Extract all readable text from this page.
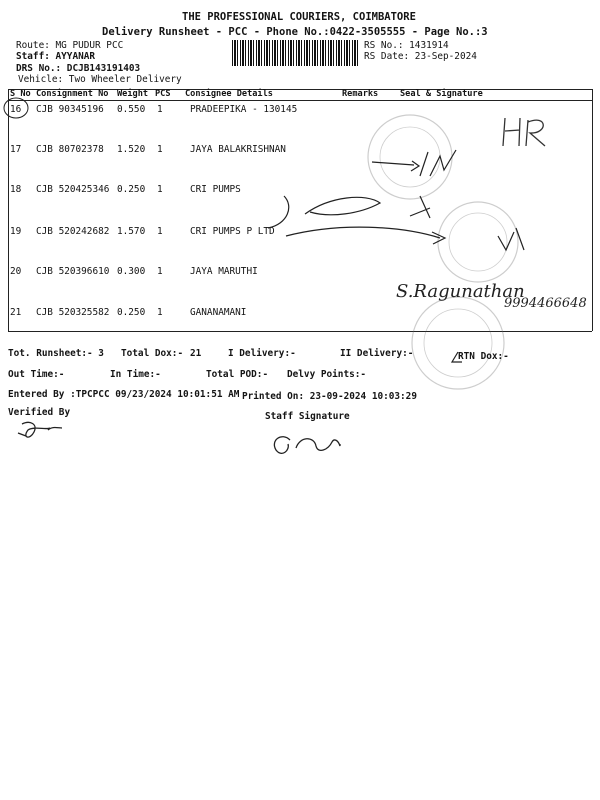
THE PROFESSIONAL COURIERS, COIMBATORE
Delivery Runsheet - PCC - Phone No.:0422-3505555 - Page No.:3
Route: MG PUDUR PCC
Staff: AYYANAR
DRS No.: DCJB143191403
Vehicle: Two Wheeler Delivery
RS No.: 1431914
RS Date: 23-Sep-2024
S No Consignment No Weight PCS Consignee Details	Remarks	Seal & Signature
16 CJB 90345196 0.550 1	PRADEEPIKA - 130145
17 CJB 80702378 1.520 1	JAYA BALAKRISHNAN
18 CJB 520425346 0.250 1	CRI PUMPS
19 CJB 520242682 1.570 1	CRI PUMPS P LTD
20 CJB 520396610 0.300 1	JAYA MARUTHI
21 CJB 520325582 0.250 1	GANANAMANI
S.Ragunathan
9994466648
Tot. Runsheet:- 3 Total Dox:- 21	I Delivery:-	II Delivery:-	RTN Dox:-
Out Time:-	In Time:-	Total POD:- Delvy Points:-
Entered By :TPCPCC 09/23/2024 10:01:51 AM Printed On: 23-09-2024 10:03:29
Verified By	Staff Signature
